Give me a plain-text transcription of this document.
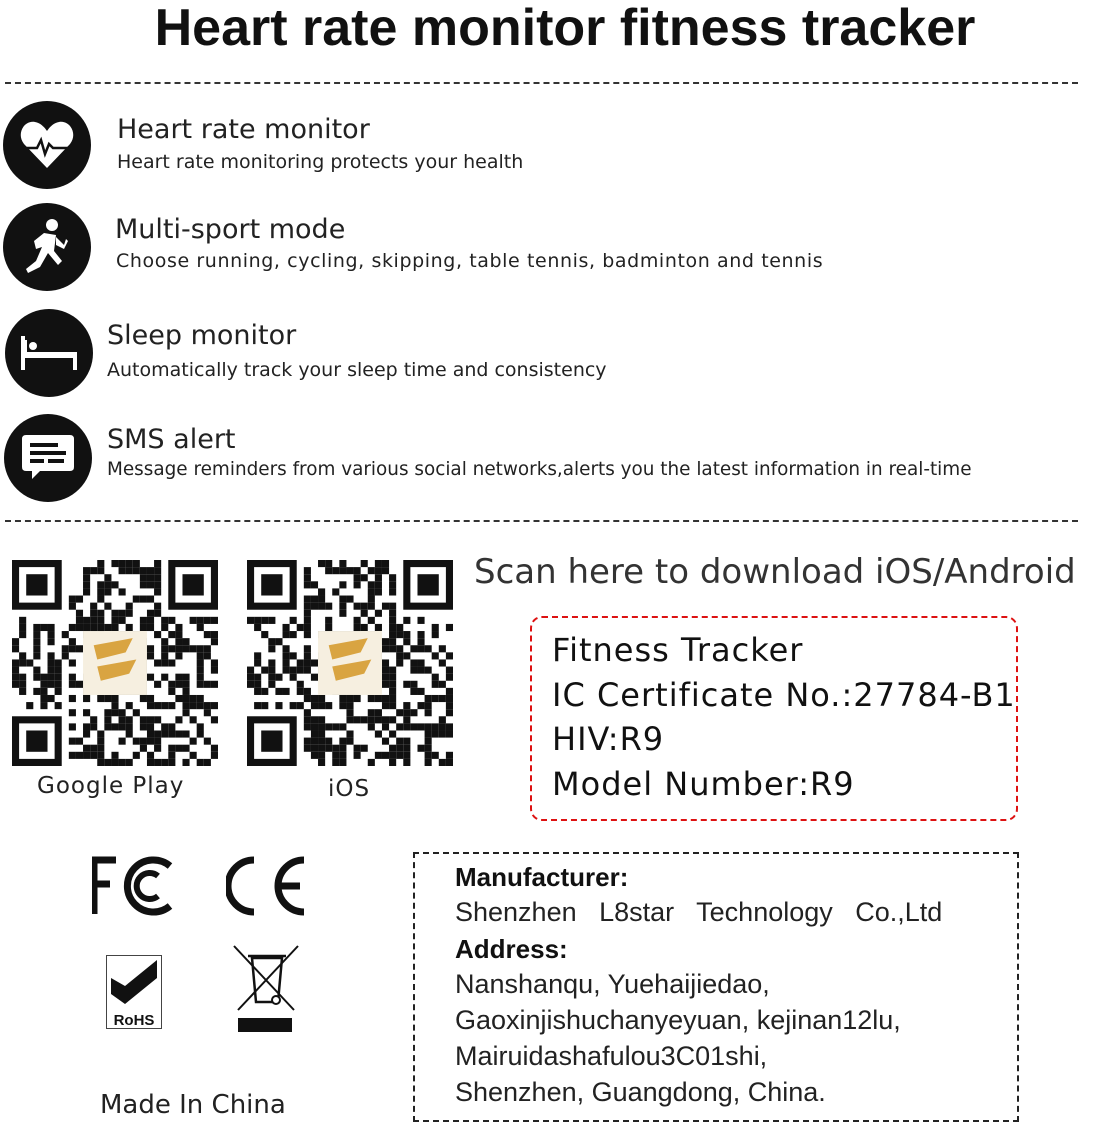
Heart rate monitor fitness tracker
Heart rate monitor
Heart rate monitoring protects your health
Multi-sport mode
Choose running, cycling, skipping, table tennis, badminton and tennis
Sleep monitor
Automatically track your sleep time and consistency
SMS alert
Message reminders from various social networks,alerts you the latest information in real-time
Google Play	iOS
Scan here to download iOS/Android
Fitness Tracker
IC Certificate No.:27784-B1
HIV:R9
Model Number:R9
RoHS
Made In China
Manufacturer:
Shenzhen   L8star   Technology   Co.,Ltd
Address:
Nanshanqu, Yuehaijiedao,
Gaoxinjishuchanyeyuan, kejinan12lu,
Mairuidashafulou3C01shi,
Shenzhen, Guangdong, China.
